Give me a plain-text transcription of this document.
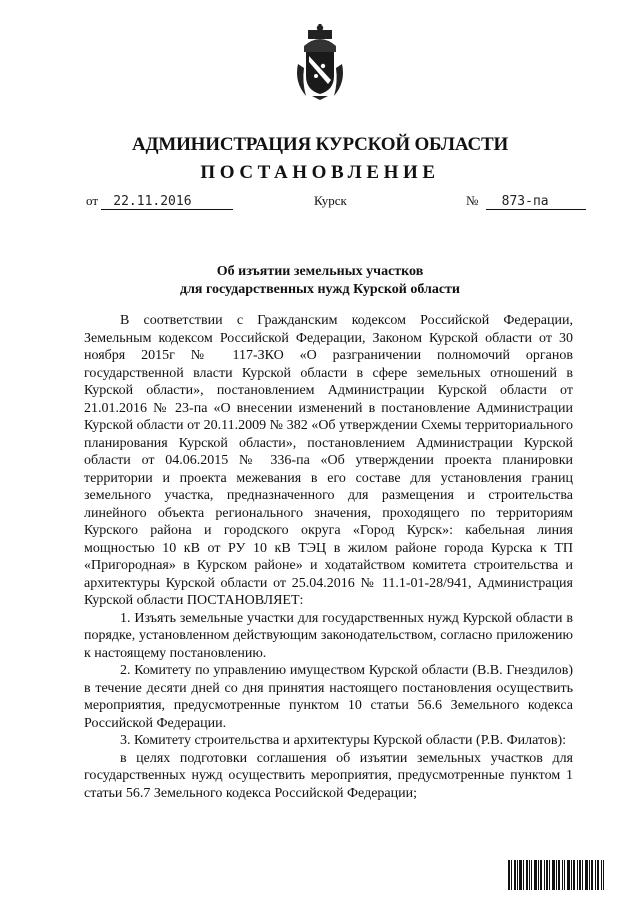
АДМИНИСТРАЦИЯ КУРСКОЙ ОБЛАСТИ
ПОСТАНОВЛЕНИЕ
от 22.11.2016	Курск	№ 873-па
Об изъятии земельных участков
для государственных нужд Курской области

В соответствии с Гражданским кодексом Российской Федерации, Земельным кодексом Российской Федерации, Законом Курской области от 30 ноября 2015г № 117-ЗКО «О разграничении полномочий органов государственной власти Курской области в сфере земельных отношений в Курской области», постановлением Администрации Курской области от 21.01.2016 № 23-па «О внесении изменений в постановление Администрации Курской области от 20.11.2009 № 382 «Об утверждении Схемы территориального планирования Курской области», постановлением Администрации Курской области от 04.06.2015 № 336-па «Об утверждении проекта планировки территории и проекта межевания в его составе для установления границ земельного участка, предназначенного для размещения и строительства линейного объекта регионального значения, проходящего по территориям Курского района и городского округа «Город Курск»: кабельная линия мощностью 10 кВ от РУ 10 кВ ТЭЦ в жилом районе города Курска к ТП «Пригородная» в Курском районе» и ходатайством комитета строительства и архитектуры Курской области от 25.04.2016 № 11.1-01-28/941, Администрация Курской области ПОСТАНОВЛЯЕТ:

1. Изъять земельные участки для государственных нужд Курской области в порядке, установленном действующим законодательством, согласно приложению к настоящему постановлению.

2. Комитету по управлению имуществом Курской области (В.В. Гнездилов) в течение десяти дней со дня принятия настоящего постановления осуществить мероприятия, предусмотренные пунктом 10 статьи 56.6 Земельного кодекса Российской Федерации.

3. Комитету строительства и архитектуры Курской области (Р.В. Филатов):

в целях подготовки соглашения об изъятии земельных участков для государственных нужд осуществить мероприятия, предусмотренные пунктом 1 статьи 56.7 Земельного кодекса Российской Федерации;
